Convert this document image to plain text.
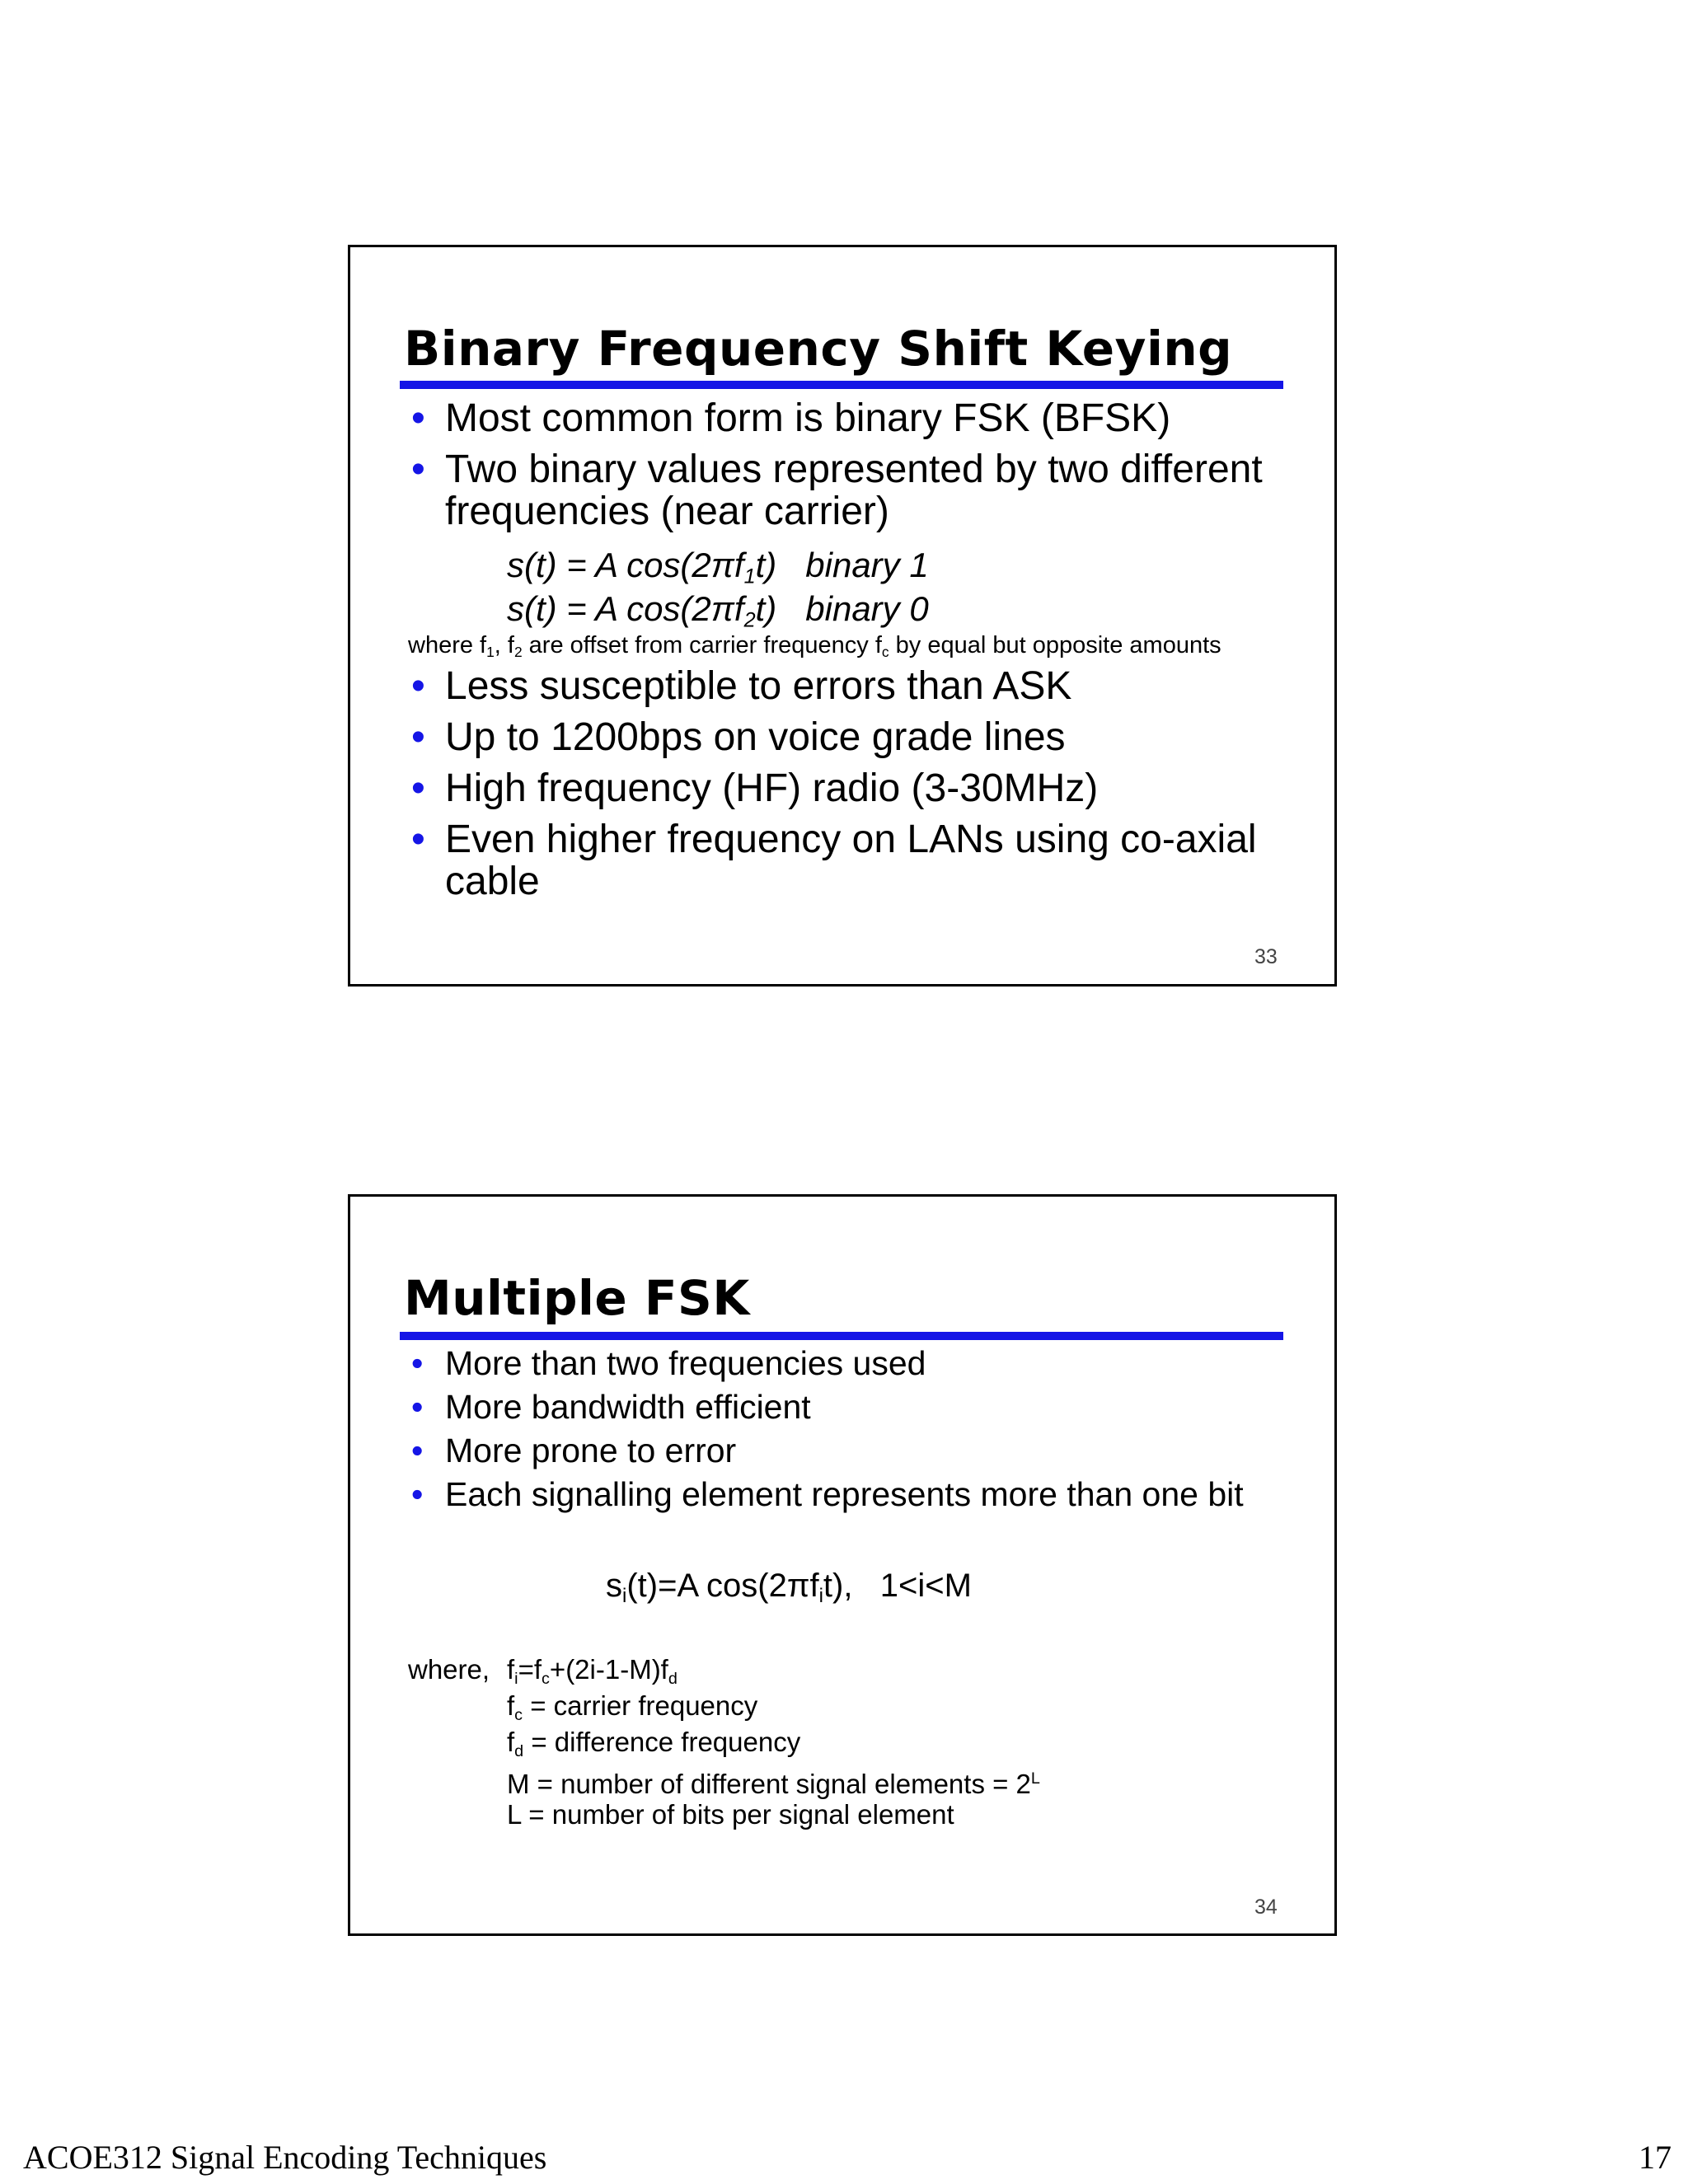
Binary Frequency Shift Keying
• Most common form is binary FSK (BFSK)
• Two binary values represented by two different frequencies (near carrier)
s(t) = A $\cos(2\pi f_1t)$   binary 1
s(t) = A $\cos(2\pi f_2t)$   binary 0
where $f_1$, $f_2$ are offset from carrier frequency $f_c$ by equal but opposite amounts
• Less susceptible to errors than ASK
• Up to 1200bps on voice grade lines
• High frequency (HF) radio (3-30MHz)
• Even higher frequency on LANs using co-axial cable
33
Multiple FSK
• More than two frequencies used
• More bandwidth efficient
• More prone to error
• Each signalling element represents more than one bit
$s_i(t)=A$ $\cos(2\pi f_it)$,   1<i<M
where, $f_i=f_c+(2i-1-M)f_d$
$f_c$ = carrier frequency
$f_d$ = difference frequency
M = number of different signal elements = $2^L$
L = number of bits per signal element
34
ACOE312 Signal Encoding Techniques	17
